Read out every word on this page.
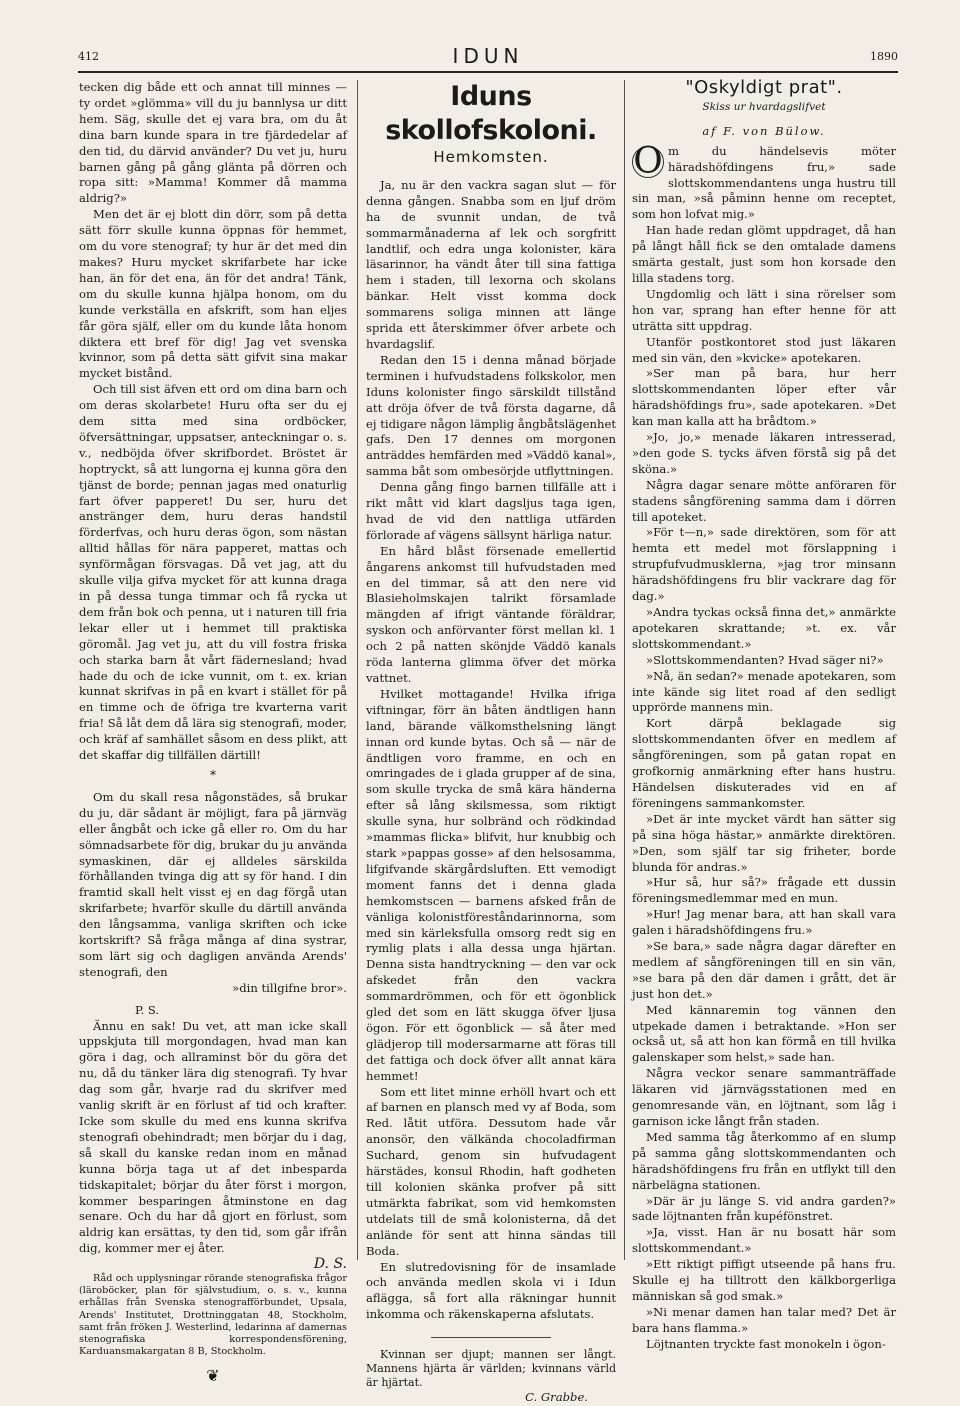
412	IDUN	1890

tecken dig både ett och annat till minnes — ty ordet »glömma» vill du ju bannlysa ur ditt hem. Säg, skulle det ej vara bra, om du åt dina barn kunde spara in tre fjärdedelar af den tid, du därvid använder? Du vet ju, huru barnen gång på gång glänta på dörren och ropa sitt: »Mamma! Kommer då mamma aldrig?»

Men det är ej blott din dörr, som på detta sätt förr skulle kunna öppnas för hemmet, om du vore stenograf; ty hur är det med din makes? Huru mycket skrifarbete har icke han, än för det ena, än för det andra! Tänk, om du skulle kunna hjälpa honom, om du kunde verkställa en afskrift, som han eljes får göra själf, eller om du kunde låta honom diktera ett bref för dig! Jag vet svenska kvinnor, som på detta sätt gifvit sina makar mycket bistånd.

Och till sist äfven ett ord om dina barn och om deras skolarbete! Huru ofta ser du ej dem sitta med sina ordböcker, öfversättningar, uppsatser, anteckningar o. s. v., nedböjda öfver skrifbordet. Bröstet är hoptryckt, så att lungorna ej kunna göra den tjänst de borde; pennan jagas med onaturlig fart öfver papperet! Du ser, huru det anstränger dem, huru deras handstil förderfvas, och huru deras ögon, som nästan alltid hållas för nära papperet, mattas och synförmågan försvagas. Då vet jag, att du skulle vilja gifva mycket för att kunna draga in på dessa tunga timmar och få rycka ut dem från bok och penna, ut i naturen till fria lekar eller ut i hemmet till praktiska göromål. Jag vet ju, att du vill fostra friska och starka barn åt vårt fädernesland; hvad hade du och de icke vunnit, om t. ex. krian kunnat skrifvas in på en kvart i stället för på en timme och de öfriga tre kvarterna varit fria! Så låt dem då lära sig stenografi, moder, och kräf af samhället såsom en dess plikt, att det skaffar dig tillfällen därtill!

*

Om du skall resa någonstädes, så brukar du ju, där sådant är möjligt, fara på järnväg eller ångbåt och icke gå eller ro. Om du har sömnadsarbete för dig, brukar du ju använda symaskinen, där ej alldeles särskilda förhållanden tvinga dig att sy för hand. I din framtid skall helt visst ej en dag förgå utan skrifarbete; hvarför skulle du därtill använda den långsamma, vanliga skriften och icke kortskrift? Så fråga många af dina systrar, som lärt sig och dagligen använda Arends' stenografi, den

»din tillgifne bror».
P. S.

Ännu en sak! Du vet, att man icke skall uppskjuta till morgondagen, hvad man kan göra i dag, och allraminst bör du göra det nu, då du tänker lära dig stenografi. Ty hvar dag som går, hvarje rad du skrifver med vanlig skrift är en förlust af tid och krafter. Icke som skulle du med ens kunna skrifva stenografi obehindradt; men börjar du i dag, så skall du kanske redan inom en månad kunna börja taga ut af det inbesparda tidskapitalet; börjar du åter först i morgon, kommer besparingen åtminstone en dag senare. Och du har då gjort en förlust, som aldrig kan ersättas, ty den tid, som går ifrån dig, kommer mer ej åter.

D. S.

Råd och upplysningar rörande stenografiska frågor (läroböcker, plan för självstudium, o. s. v., kunna erhållas från Svenska stenografförbundet, Upsala, Arends' Institutet, Drottninggatan 48, Stockholm, samt från fröken J. Westerlind, ledarinna af damernas stenografiska korrespondensförening, Karduansmakargatan 8 B, Stockholm.

❦
Iduns skollofskoloni.
Hemkomsten.

Ja, nu är den vackra sagan slut — för denna gången. Snabba som en ljuf dröm ha de svunnit undan, de två sommarmånaderna af lek och sorgfritt landtlif, och edra unga kolonister, kära läsarinnor, ha vändt åter till sina fattiga hem i staden, till lexorna och skolans bänkar. Helt visst komma dock sommarens soliga minnen att länge sprida ett återskimmer öfver arbete och hvardagslif.

Redan den 15 i denna månad började terminen i hufvudstadens folkskolor, men Iduns kolonister fingo särskildt tillstånd att dröja öfver de två första dagarne, då ej tidigare någon lämplig ångbåtslägenhet gafs. Den 17 dennes om morgonen anträddes hemfärden med »Väddö kanal», samma båt som ombesörjde utflyttningen.

Denna gång fingo barnen tillfälle att i rikt mått vid klart dagsljus taga igen, hvad de vid den nattliga utfärden förlorade af vägens sällsynt härliga natur.

En hård blåst försenade emellertid ångarens ankomst till hufvudstaden med en del timmar, så att den nere vid Blasieholmskajen talrikt församlade mängden af ifrigt väntande föräldrar, syskon och anförvanter först mellan kl. 1 och 2 på natten skönjde Väddö kanals röda lanterna glimma öfver det mörka vattnet.

Hvilket mottagande! Hvilka ifriga viftningar, förr än båten ändtligen hann land, bärande välkomsthelsning längt innan ord kunde bytas. Och så — när de ändtligen voro framme, en och en omringades de i glada grupper af de sina, som skulle trycka de små kära händerna efter så lång skilsmessa, som riktigt skulle syna, hur solbränd och rödkindad »mammas flicka» blifvit, hur knubbig och stark »pappas gosse» af den helsosamma, lifgifvande skärgårdsluften. Ett vemodigt moment fanns det i denna glada hemkomstscen — barnens afsked från de vänliga kolonistföreståndarinnorna, som med sin kärleksfulla omsorg redt sig en rymlig plats i alla dessa unga hjärtan. Denna sista handtryckning — den var ock afskedet från den vackra sommardrömmen, och för ett ögonblick gled det som en lätt skugga öfver ljusa ögon. För ett ögonblick — så åter med glädjerop till modersarmarne att föras till det fattiga och dock öfver allt annat kära hemmet!

Som ett litet minne erhöll hvart och ett af barnen en plansch med vy af Boda, som Red. låtit utföra. Dessutom hade vår anonsör, den välkända chocoladfirman Suchard, genom sin hufvudagent härstädes, konsul Rhodin, haft godheten till kolonien skänka profver på sitt utmärkta fabrikat, som vid hemkomsten utdelats till de små kolonisterna, då det anlände för sent att hinna sändas till Boda.

En slutredovisning för de insamlade och använda medlen skola vi i Idun aflägga, så fort alla räkningar hunnit inkomma och räkenskaperna afslutats.

Kvinnan ser djupt; mannen ser långt. Mannens hjärta är världen; kvinnans värld är hjärtat.

C. Grabbe.
"Oskyldigt prat".
Skiss ur hvardagslifvet
af F. von Bülow.

O m du händelsevis möter häradshöfdingens fru,» sade slottskommendantens unga hustru till sin man, »så påminn henne om receptet, som hon lofvat mig.»

Han hade redan glömt uppdraget, då han på långt håll fick se den omtalade damens smärta gestalt, just som hon korsade den lilla stadens torg.

Ungdomlig och lätt i sina rörelser som hon var, sprang han efter henne för att uträtta sitt uppdrag.

Utanför postkontoret stod just läkaren med sin vän, den »kvicke» apotekaren.

»Ser man på bara, hur herr slottskommendanten löper efter vår häradshöfdings fru», sade apotekaren. »Det kan man kalla att ha brådtom.»

»Jo, jo,» menade läkaren intresserad, »den gode S. tycks äfven förstå sig på det sköna.»

Några dagar senare mötte anföraren för stadens sångförening samma dam i dörren till apoteket.

»För t—n,» sade direktören, som för att hemta ett medel mot förslappning i strupfufvudmusklerna, »jag tror minsann häradshöfdingens fru blir vackrare dag för dag.»

»Andra tyckas också finna det,» anmärkte apotekaren skrattande; »t. ex. vår slottskommendant.»

»Slottskommendanten? Hvad säger ni?»

»Nå, än sedan?» menade apotekaren, som inte kände sig litet road af den sedligt upprörde mannens min.

Kort därpå beklagade sig slottskommendanten öfver en medlem af sångföreningen, som på gatan ropat en grofkornig anmärkning efter hans hustru. Händelsen diskuterades vid en af föreningens sammankomster.

»Det är inte mycket värdt han sätter sig på sina höga hästar,» anmärkte direktören. »Den, som själf tar sig friheter, borde blunda för andras.»

»Hur så, hur så?» frågade ett dussin föreningsmedlemmar med en mun.

»Hur! Jag menar bara, att han skall vara galen i häradshöfdingens fru.»

»Se bara,» sade några dagar därefter en medlem af sångföreningen till en sin vän, »se bara på den där damen i grått, det är just hon det.»

Med kännaremin tog vännen den utpekade damen i betraktande. »Hon ser också ut, så att hon kan förmå en till hvilka galenskaper som helst,» sade han.

Några veckor senare sammanträffade läkaren vid järnvägsstationen med en genomresande vän, en löjtnant, som låg i garnison icke långt från staden.

Med samma tåg återkommo af en slump på samma gång slottskommendanten och häradshöfdingens fru från en utflykt till den närbelägna stationen.

»Där är ju länge S. vid andra garden?» sade löjtnanten från kupéfönstret.

»Ja, visst. Han är nu bosatt här som slottskommendant.»

»Ett riktigt piffigt utseende på hans fru. Skulle ej ha tilltrott den kälkborgerliga människan så god smak.»

»Ni menar damen han talar med? Det är bara hans flamma.»

Löjtnanten tryckte fast monokeln i ögon-
